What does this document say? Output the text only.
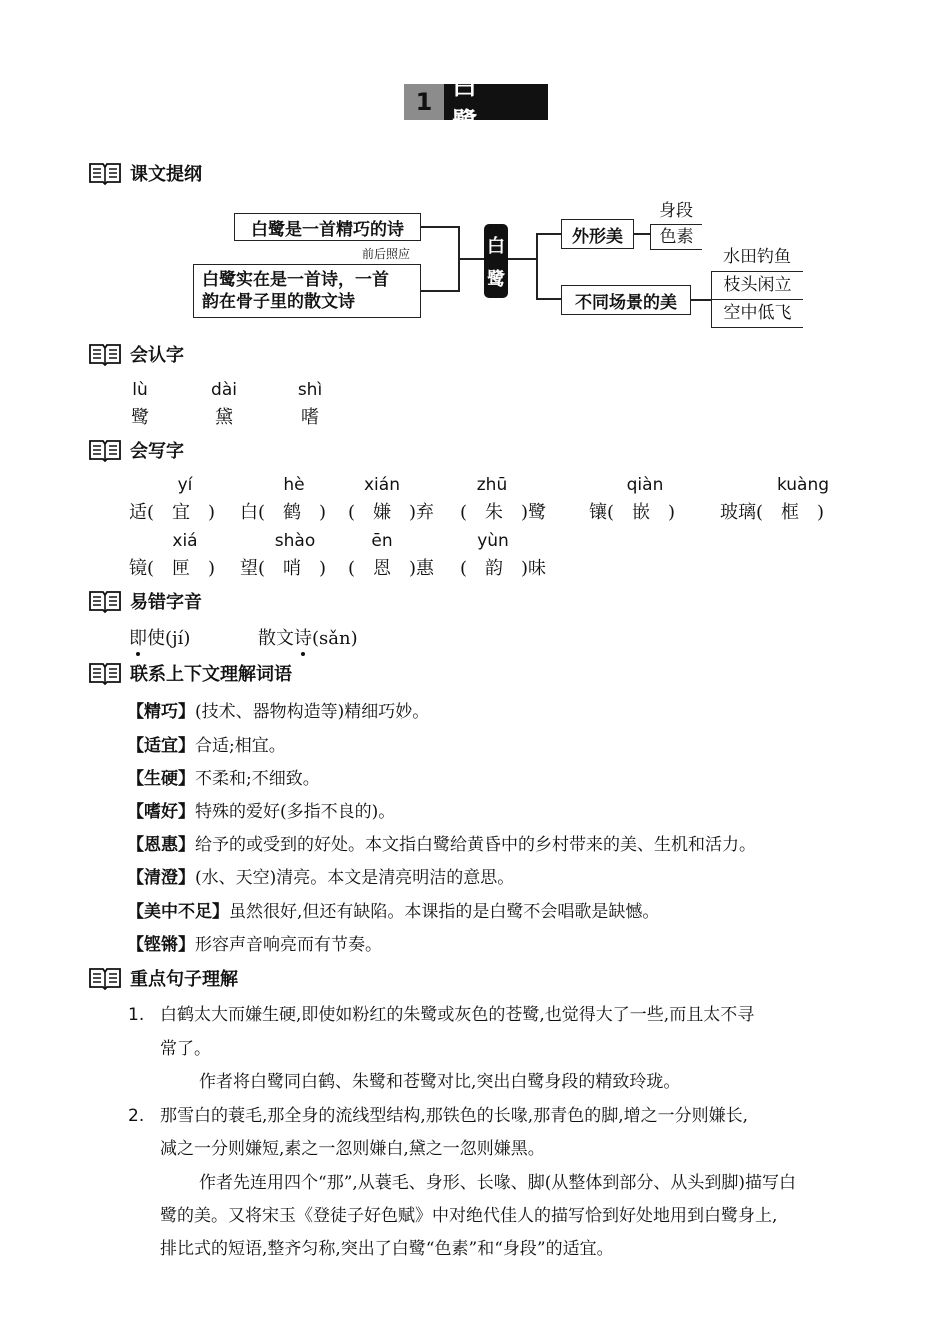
1
白 鹭
课文提纲
白鹭是一首精巧的诗
前后照应
白鹭实在是一首诗，一首
韵在骨子里的散文诗
白
鹭
外形美
身段
色素
不同场景的美
水田钓鱼
枝头闲立
空中低飞
会认字
lù
鹭
dài
黛
shì
嗜
会写字
yí	hè	xián	zhū	qiàn	kuàng
适(　宜　) 白(　鹤　) (　嫌　)弃 (　朱　)鹭 镶(　嵌　) 玻璃(　框　)
xiá	shào	ēn	yùn
镜(　匣　) 望(　哨　) (　恩　)惠 (　韵　)味
易错字音
即使(jí)	散文诗(sǎn)
联系上下文理解词语
【精巧】 (技术、器物构造等)精细巧妙。
【适宜】 合适;相宜。
【生硬】 不柔和;不细致。
【嗜好】 特殊的爱好(多指不良的)。
【恩惠】 给予的或受到的好处。本文指白鹭给黄昏中的乡村带来的美、生机和活力。
【清澄】 (水、天空)清亮。本文是清亮明洁的意思。
【美中不足】 虽然很好,但还有缺陷。本课指的是白鹭不会唱歌是缺憾。
【铿锵】 形容声音响亮而有节奏。
重点句子理解
1. 白鹤太大而嫌生硬,即使如粉红的朱鹭或灰色的苍鹭,也觉得大了一些,而且太不寻
常了。
作者将白鹭同白鹤、朱鹭和苍鹭对比,突出白鹭身段的精致玲珑。
2. 那雪白的蓑毛,那全身的流线型结构,那铁色的长喙,那青色的脚,增之一分则嫌长,
减之一分则嫌短,素之一忽则嫌白,黛之一忽则嫌黑。
作者先连用四个“那”,从蓑毛、身形、长喙、脚(从整体到部分、从头到脚)描写白
鹭的美。又将宋玉《登徒子好色赋》中对绝代佳人的描写恰到好处地用到白鹭身上,
排比式的短语,整齐匀称,突出了白鹭“色素”和“身段”的适宜。
